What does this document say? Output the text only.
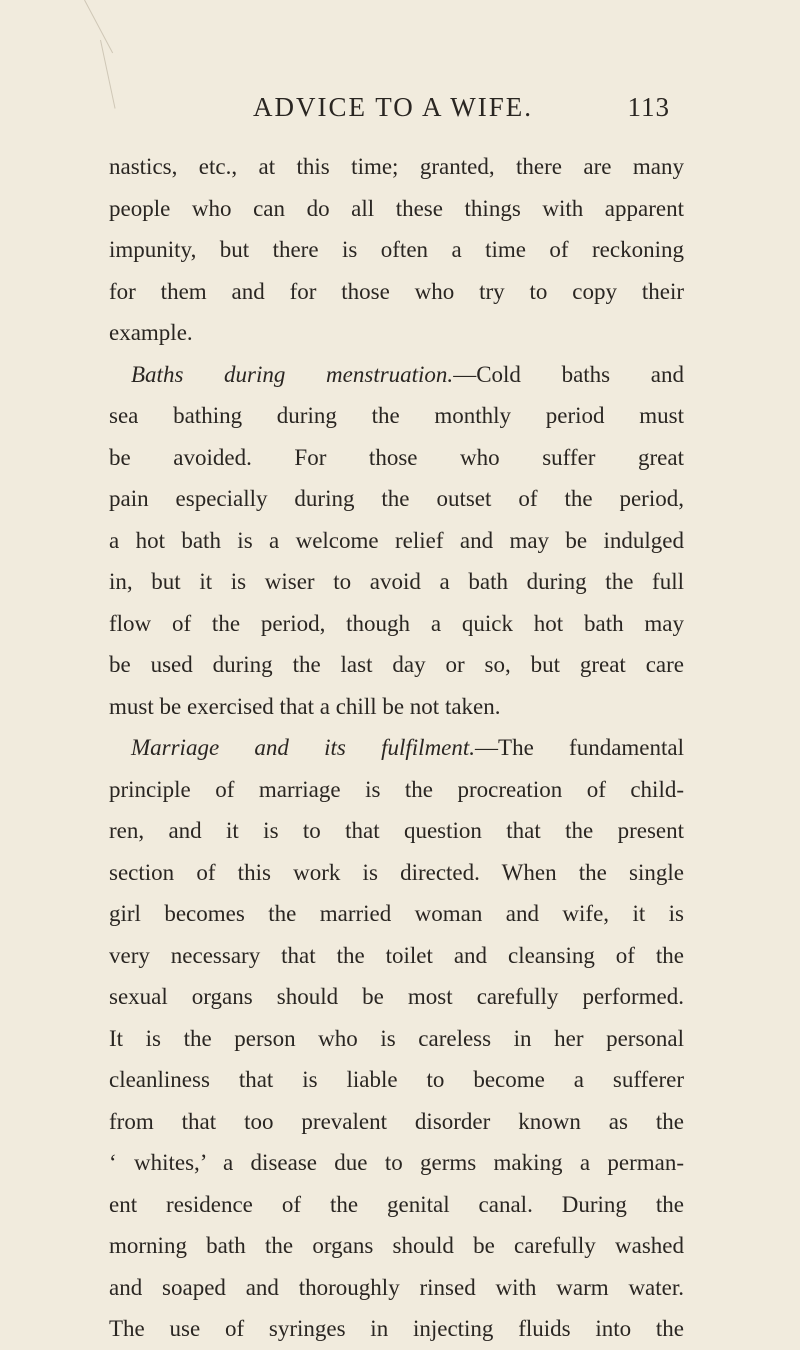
ADVICE TO A WIFE.	113
nastics, etc., at this time; granted, there are many
people who can do all these things with apparent
impunity, but there is often a time of reckoning
for them and for those who try to copy their
example.
Baths during menstruation.—Cold baths and
sea bathing during the monthly period must
be avoided. For those who suffer great
pain especially during the outset of the period,
a hot bath is a welcome relief and may be indulged
in, but it is wiser to avoid a bath during the full
flow of the period, though a quick hot bath may
be used during the last day or so, but great care
must be exercised that a chill be not taken.
Marriage and its fulfilment.—The fundamental
principle of marriage is the procreation of child-
ren, and it is to that question that the present
section of this work is directed. When the single
girl becomes the married woman and wife, it is
very necessary that the toilet and cleansing of the
sexual organs should be most carefully performed.
It is the person who is careless in her personal
cleanliness that is liable to become a sufferer
from that too prevalent disorder known as the
‘ whites,’ a disease due to germs making a perman-
ent residence of the genital canal. During the
morning bath the organs should be carefully washed
and soaped and thoroughly rinsed with warm water.
The use of syringes in injecting fluids into the
